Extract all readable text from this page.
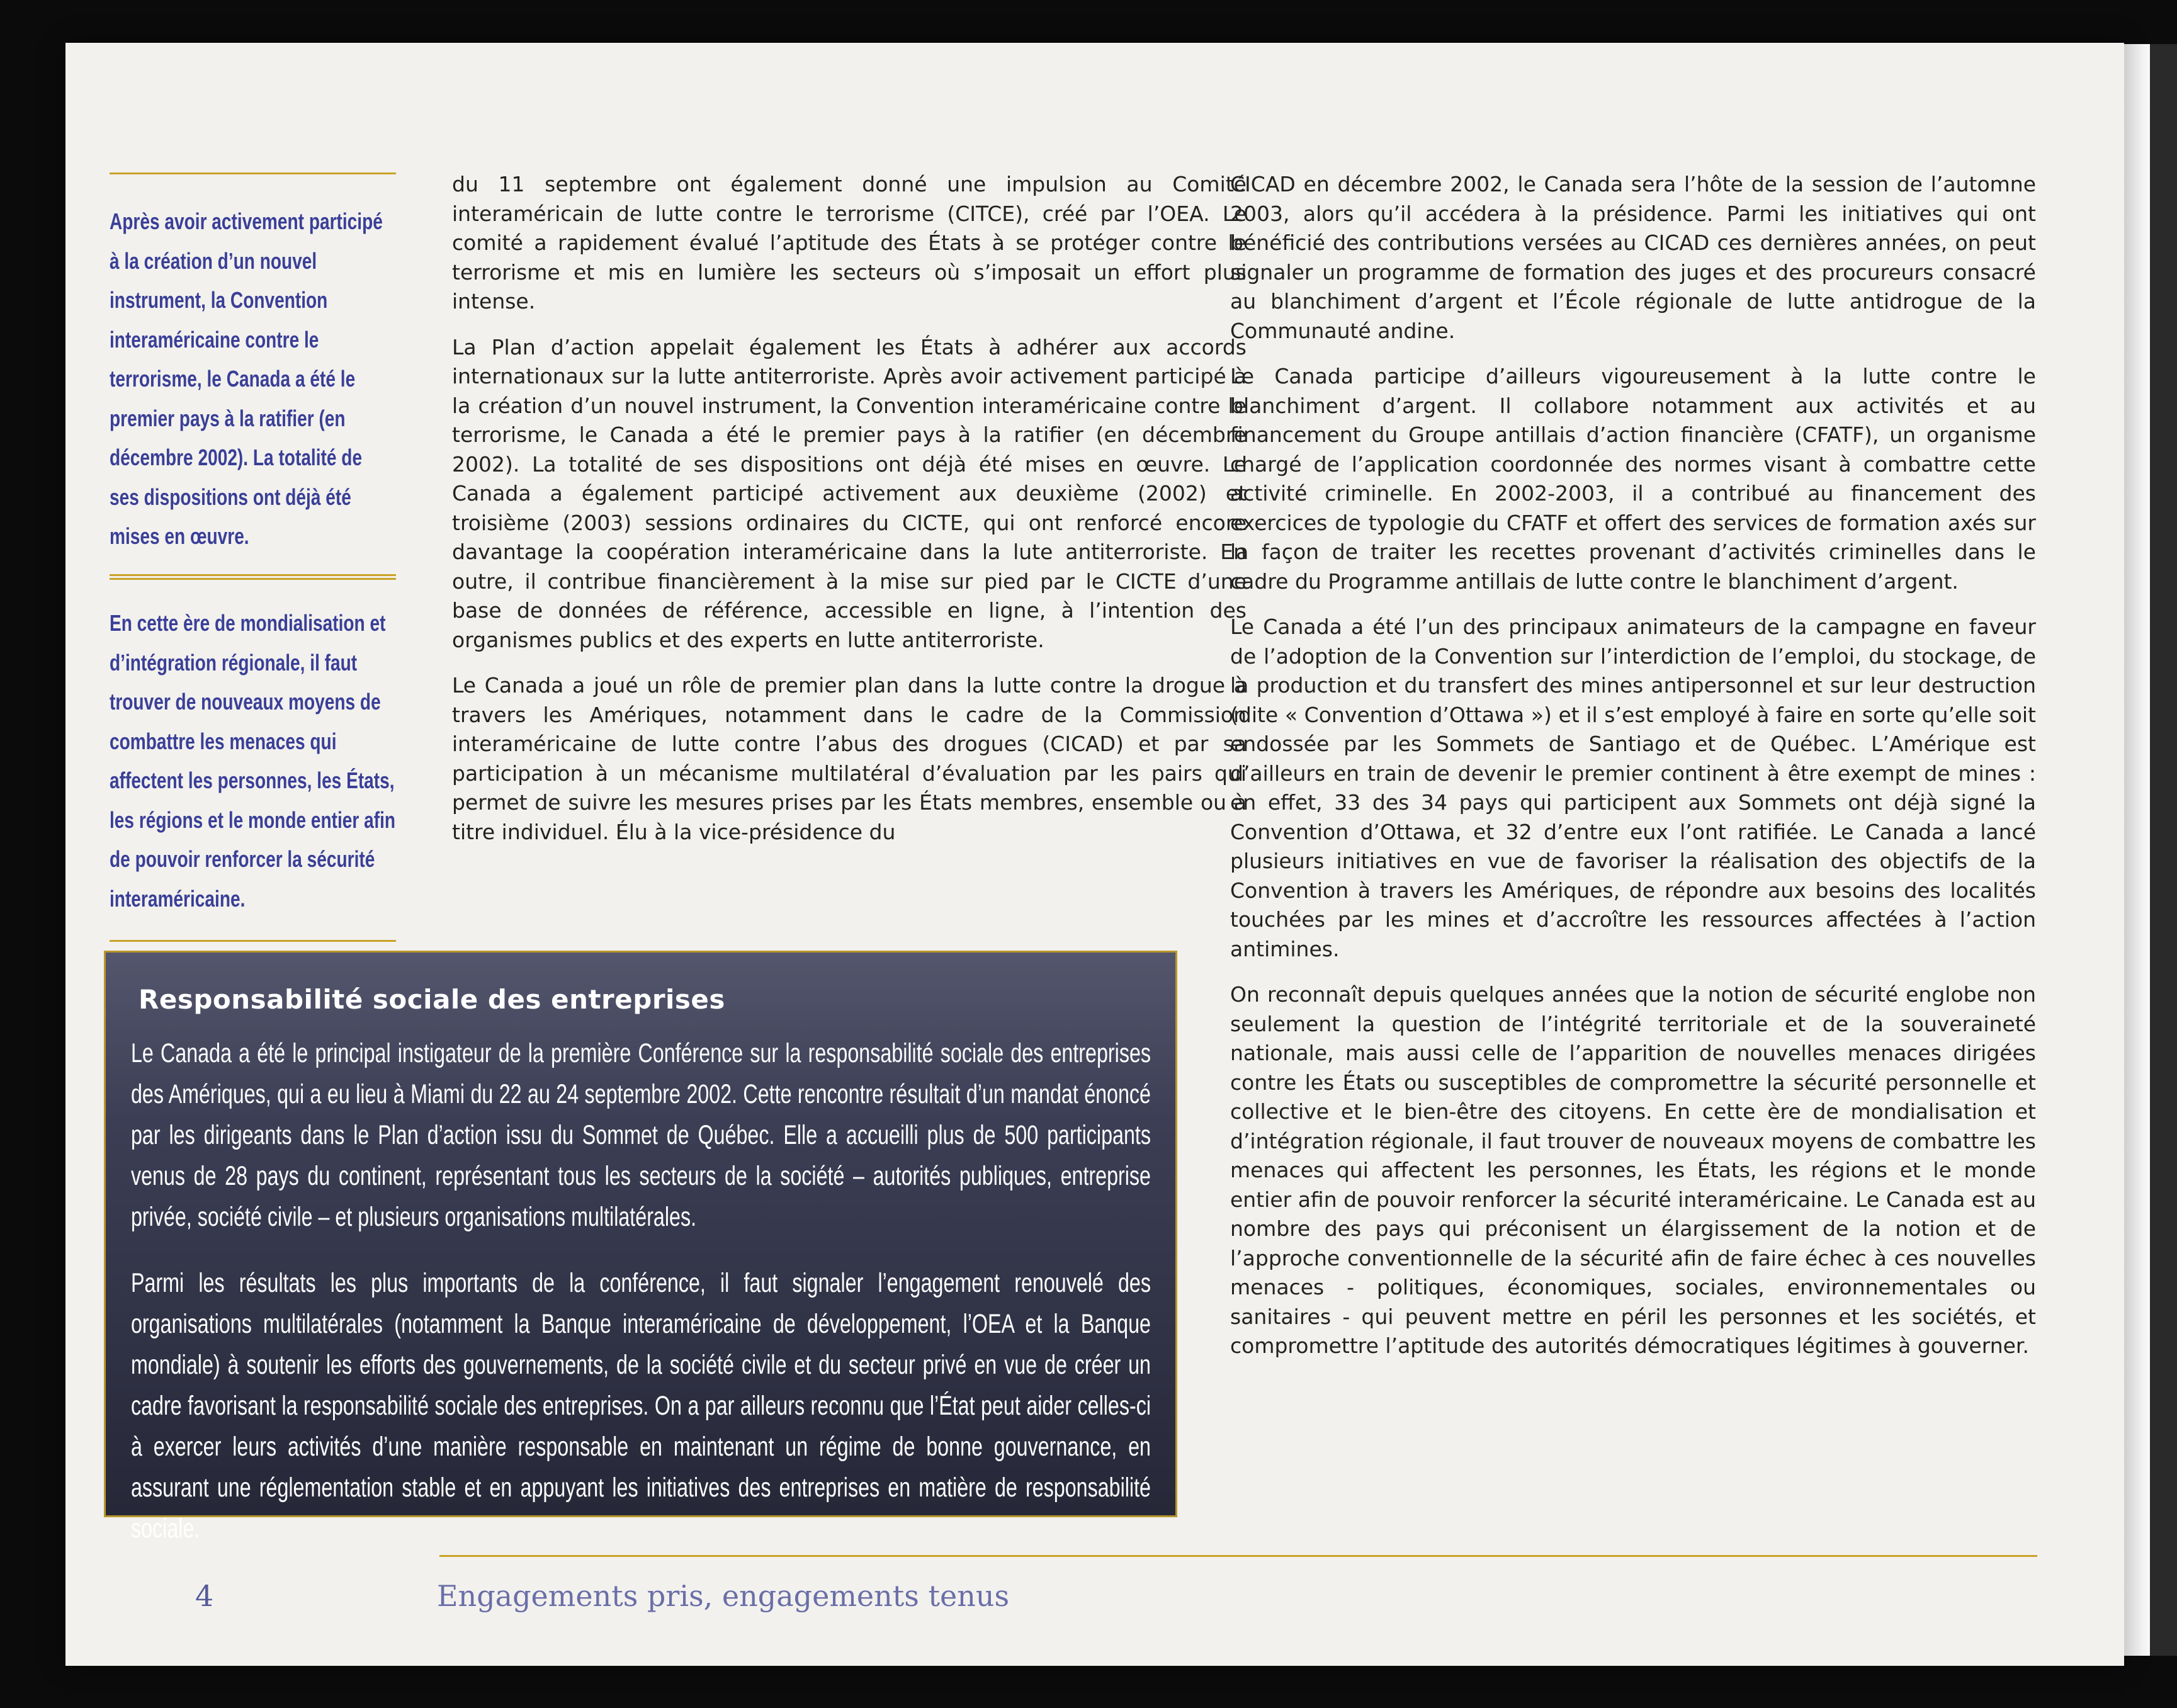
Après avoir activement participé à la création d’un nouvel instrument, la Convention interaméricaine contre le terrorisme, le Canada a été le premier pays à la ratifier (en décembre 2002). La totalité de ses dispositions ont déjà été mises en œuvre.

En cette ère de mondialisation et d’intégration régionale, il faut trouver de nouveaux moyens de combattre les menaces qui affectent les personnes, les États, les régions et le monde entier afin de pouvoir renforcer la sécurité interaméricaine.

du 11 septembre ont également donné une impulsion au Comité interaméricain de lutte contre le terrorisme (CITCE), créé par l’OEA. Le comité a rapidement évalué l’aptitude des États à se protéger contre le terrorisme et mis en lumière les secteurs où s’imposait un effort plus intense.

La Plan d’action appelait également les États à adhérer aux accords internationaux sur la lutte antiterroriste. Après avoir activement participé à la création d’un nouvel instrument, la Convention interaméricaine contre le terrorisme, le Canada a été le premier pays à la ratifier (en décembre 2002). La totalité de ses dispositions ont déjà été mises en œuvre. Le Canada a également participé activement aux deuxième (2002) et troisième (2003) sessions ordinaires du CICTE, qui ont renforcé encore davantage la coopération interaméricaine dans la lute antiterroriste. En outre, il contribue financièrement à la mise sur pied par le CICTE d’une base de données de référence, accessible en ligne, à l’intention des organismes publics et des experts en lutte antiterroriste.

Le Canada a joué un rôle de premier plan dans la lutte contre la drogue à travers les Amériques, notamment dans le cadre de la Commission interaméricaine de lutte contre l’abus des drogues (CICAD) et par sa participation à un mécanisme multilatéral d’évaluation par les pairs qui permet de suivre les mesures prises par les États membres, ensemble ou à titre individuel. Élu à la vice-présidence du

CICAD en décembre 2002, le Canada sera l’hôte de la session de l’automne 2003, alors qu’il accédera à la présidence. Parmi les initiatives qui ont bénéficié des contributions versées au CICAD ces dernières années, on peut signaler un programme de formation des juges et des procureurs consacré au blanchiment d’argent et l’École régionale de lutte antidrogue de la Communauté andine.

Le Canada participe d’ailleurs vigoureusement à la lutte contre le blanchiment d’argent. Il collabore notamment aux activités et au financement du Groupe antillais d’action financière (CFATF), un organisme chargé de l’application coordonnée des normes visant à combattre cette activité criminelle. En 2002-2003, il a contribué au financement des exercices de typologie du CFATF et offert des services de formation axés sur la façon de traiter les recettes provenant d’activités criminelles dans le cadre du Programme antillais de lutte contre le blanchiment d’argent.

Le Canada a été l’un des principaux animateurs de la campagne en faveur de l’adoption de la Convention sur l’interdiction de l’emploi, du stockage, de la production et du transfert des mines antipersonnel et sur leur destruction (dite « Convention d’Ottawa ») et il s’est employé à faire en sorte qu’elle soit endossée par les Sommets de Santiago et de Québec. L’Amérique est d’ailleurs en train de devenir le premier continent à être exempt de mines : en effet, 33 des 34 pays qui participent aux Sommets ont déjà signé la Convention d’Ottawa, et 32 d’entre eux l’ont ratifiée. Le Canada a lancé plusieurs initiatives en vue de favoriser la réalisation des objectifs de la Convention à travers les Amériques, de répondre aux besoins des localités touchées par les mines et d’accroître les ressources affectées à l’action antimines.

On reconnaît depuis quelques années que la notion de sécurité englobe non seulement la question de l’intégrité territoriale et de la souveraineté nationale, mais aussi celle de l’apparition de nouvelles menaces dirigées contre les États ou susceptibles de compromettre la sécurité personnelle et collective et le bien-être des citoyens. En cette ère de mondialisation et d’intégration régionale, il faut trouver de nouveaux moyens de combattre les menaces qui affectent les personnes, les États, les régions et le monde entier afin de pouvoir renforcer la sécurité interaméricaine. Le Canada est au nombre des pays qui préconisent un élargissement de la notion et de l’approche conventionnelle de la sécurité afin de faire échec à ces nouvelles menaces - politiques, économiques, sociales, environnementales ou sanitaires - qui peuvent mettre en péril les personnes et les sociétés, et compromettre l’aptitude des autorités démocratiques légitimes à gouverner.

Responsabilité sociale des entreprises

Le Canada a été le principal instigateur de la première Conférence sur la responsabilité sociale des entreprises des Amériques, qui a eu lieu à Miami du 22 au 24 septembre 2002. Cette rencontre résultait d’un mandat énoncé par les dirigeants dans le Plan d’action issu du Sommet de Québec. Elle a accueilli plus de 500 participants venus de 28 pays du continent, représentant tous les secteurs de la société – autorités publiques, entreprise privée, société civile – et plusieurs organisations multilatérales.

Parmi les résultats les plus importants de la conférence, il faut signaler l’engagement renouvelé des organisations multilatérales (notamment la Banque interaméricaine de développement, l’OEA et la Banque mondiale) à soutenir les efforts des gouvernements, de la société civile et du secteur privé en vue de créer un cadre favorisant la responsabilité sociale des entreprises. On a par ailleurs reconnu que l’État peut aider celles-ci à exercer leurs activités d’une manière responsable en maintenant un régime de bonne gouvernance, en assurant une réglementation stable et en appuyant les initiatives des entreprises en matière de responsabilité sociale.

4	Engagements pris, engagements tenus
